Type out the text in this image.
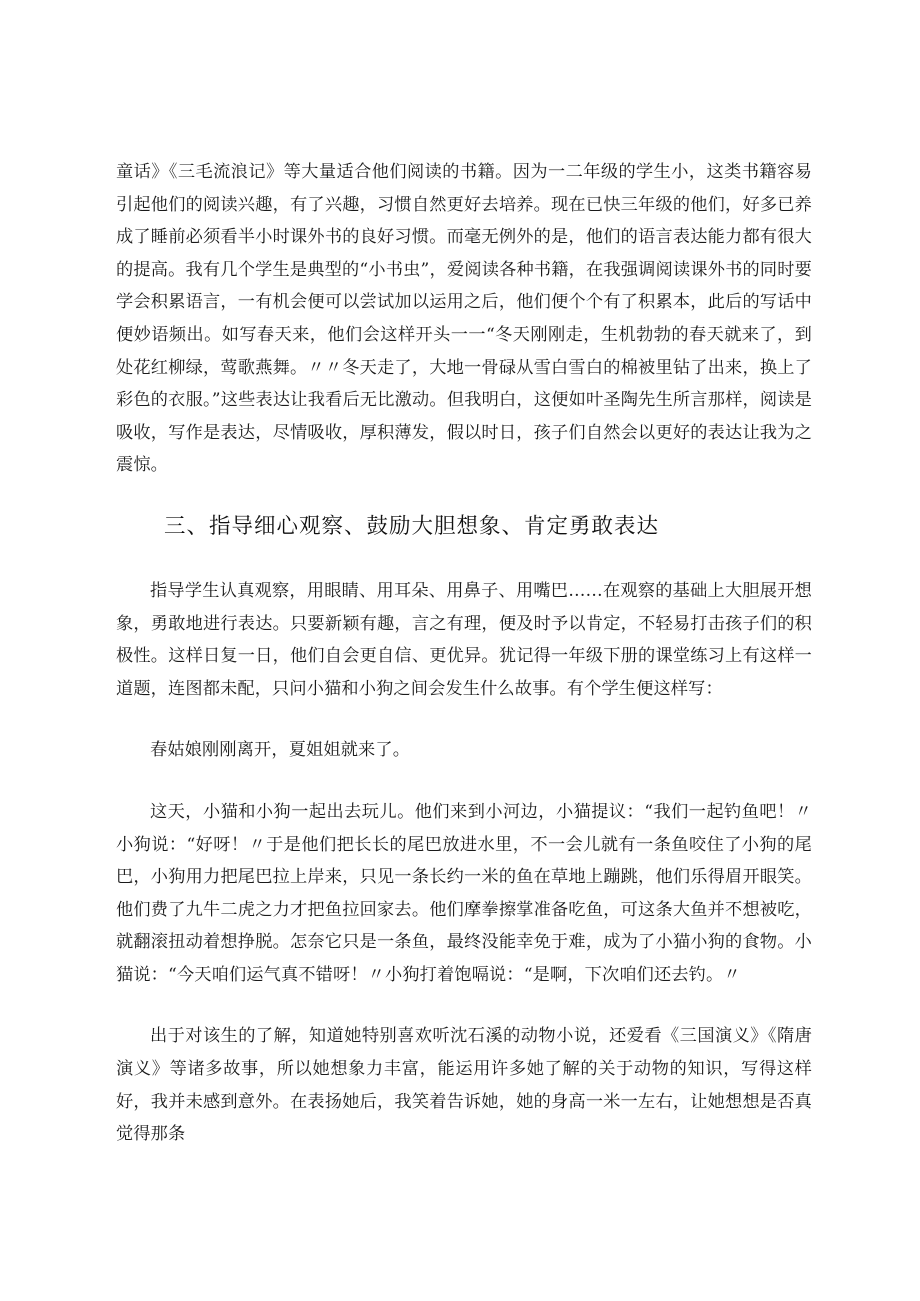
童话》《三毛流浪记》等大量适合他们阅读的书籍。因为一二年级的学生小，这类书籍容易引起他们的阅读兴趣，有了兴趣，习惯自然更好去培养。现在已快三年级的他们，好多已养成了睡前必须看半小时课外书的良好习惯。而毫无例外的是，他们的语言表达能力都有很大的提高。我有几个学生是典型的“小书虫”，爱阅读各种书籍，在我强调阅读课外书的同时要学会积累语言，一有机会便可以尝试加以运用之后，他们便个个有了积累本，此后的写话中便妙语频出。如写春天来，他们会这样开头一一“冬天刚刚走，生机勃勃的春天就来了，到处花红柳绿，莺歌燕舞。〃〃冬天走了，大地一骨碌从雪白雪白的棉被里钻了出来，换上了彩色的衣服。”这些表达让我看后无比激动。但我明白，这便如叶圣陶先生所言那样，阅读是吸收，写作是表达，尽情吸收，厚积薄发，假以时日，孩子们自然会以更好的表达让我为之震惊。

三、指导细心观察、鼓励大胆想象、肯定勇敢表达

指导学生认真观察，用眼睛、用耳朵、用鼻子、用嘴巴……在观察的基础上大胆展开想象，勇敢地进行表达。只要新颖有趣，言之有理，便及时予以肯定，不轻易打击孩子们的积极性。这样日复一日，他们自会更自信、更优异。犹记得一年级下册的课堂练习上有这样一道题，连图都未配，只问小猫和小狗之间会发生什么故事。有个学生便这样写：

春姑娘刚刚离开，夏姐姐就来了。

这天，小猫和小狗一起出去玩儿。他们来到小河边，小猫提议：“我们一起钓鱼吧！〃小狗说：“好呀！〃于是他们把长长的尾巴放进水里，不一会儿就有一条鱼咬住了小狗的尾巴，小狗用力把尾巴拉上岸来，只见一条长约一米的鱼在草地上蹦跳，他们乐得眉开眼笑。他们费了九牛二虎之力才把鱼拉回家去。他们摩拳擦掌准备吃鱼，可这条大鱼并不想被吃，就翻滚扭动着想挣脱。怎奈它只是一条鱼，最终没能幸免于难，成为了小猫小狗的食物。小猫说：“今天咱们运气真不错呀！〃小狗打着饱嗝说：“是啊，下次咱们还去钓。〃

出于对该生的了解，知道她特别喜欢听沈石溪的动物小说，还爱看《三国演义》《隋唐演义》等诸多故事，所以她想象力丰富，能运用许多她了解的关于动物的知识，写得这样好，我并未感到意外。在表扬她后，我笑着告诉她，她的身高一米一左右，让她想想是否真觉得那条
